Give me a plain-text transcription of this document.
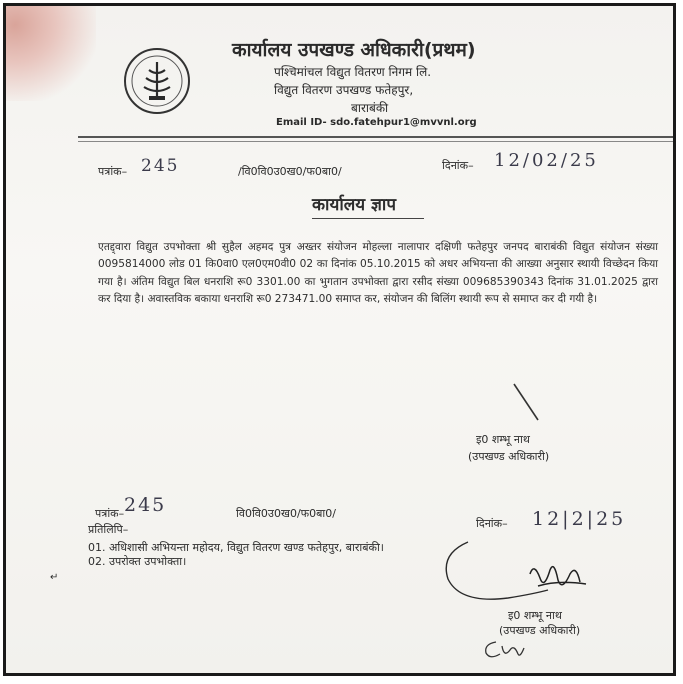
कार्यालय उपखण्ड अधिकारी(प्रथम)
पश्चिमांचल विद्युत वितरण निगम लि.
विद्युत वितरण उपखण्ड फतेहपुर,
बाराबंकी
Email ID- sdo.fatehpur1@mvvnl.org
पत्रांक– 245	/वि0वि0उ0ख0/फ0बा0/	दिनांक– 12/02/25
कार्यालय ज्ञाप
एतद्द्वारा विद्युत उपभोक्ता श्री सुहैल अहमद पुत्र अख्तर संयोजन मोहल्ला नालापार दक्षिणी फतेहपुर जनपद बाराबंकी विद्युत संयोजन संख्या 0095814000 लोड 01 कि0वा0 एल0एम0वी0 02 का दिनांक 05.10.2015 को अधर अभियन्ता की आख्या अनुसार स्थायी विच्छेदन किया गया है। अंतिम विद्युत बिल धनराशि रू0 3301.00 का भुगतान उपभोक्ता द्वारा रसीद संख्या 009685390343 दिनांक 31.01.2025 द्वारा कर दिया है। अवास्तविक बकाया धनराशि रू0 273471.00 समाप्त कर, संयोजन की बिलिंग स्थायी रूप से समाप्त कर दी गयी है।
इ0 शम्भू नाथ
(उपखण्ड अधिकारी)
पत्रांक– 245	वि0वि0उ0ख0/फ0बा0/
दिनांक– 12|2|25
प्रतिलिपि–
01. अधिशासी अभियन्ता महोदय, विद्युत वितरण खण्ड फतेहपुर, बाराबंकी।
02. उपरोक्त उपभोक्ता।
↵
इ0 शम्भू नाथ
(उपखण्ड अधिकारी)
